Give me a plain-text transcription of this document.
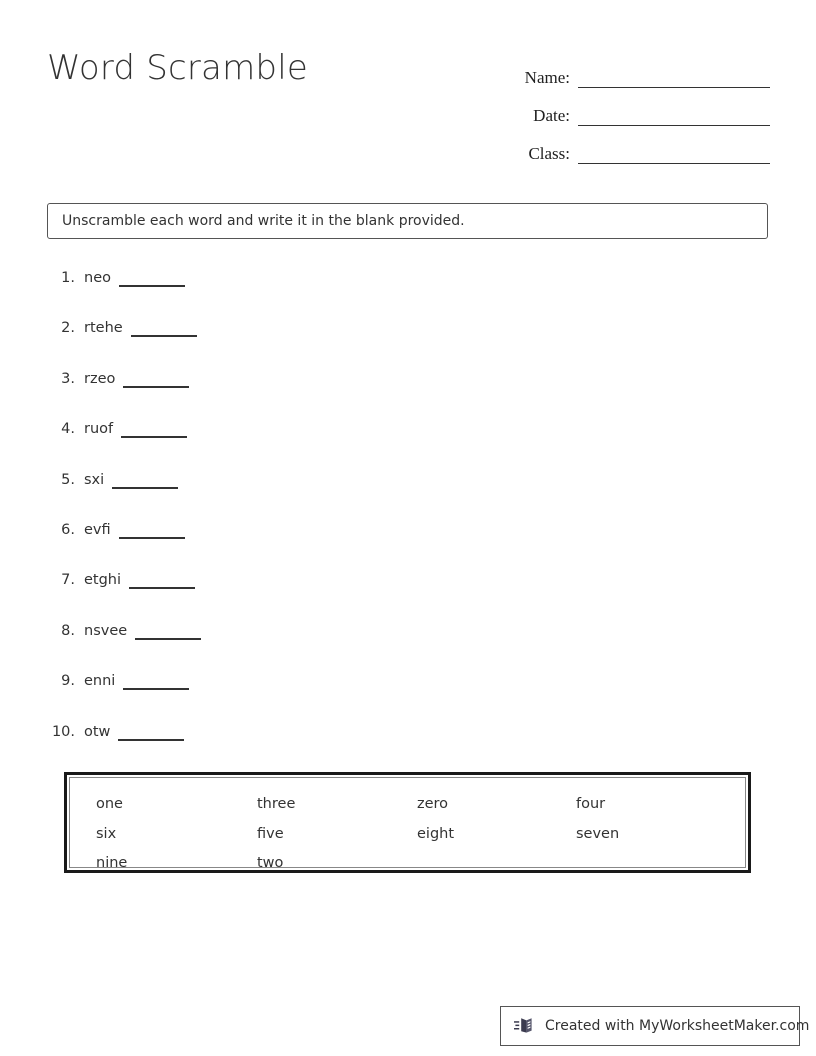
Word Scramble	Name:
Date:
Class:
Unscramble each word and write it in the blank provided.
1. neo
2. rtehe
3. rzeo
4. ruof
5. sxi
6. evfi
7. etghi
8. nsvee
9. enni
10. otw
one	three	zero	four
six	five	eight	seven
nine	two
Created with MyWorksheetMaker.com
